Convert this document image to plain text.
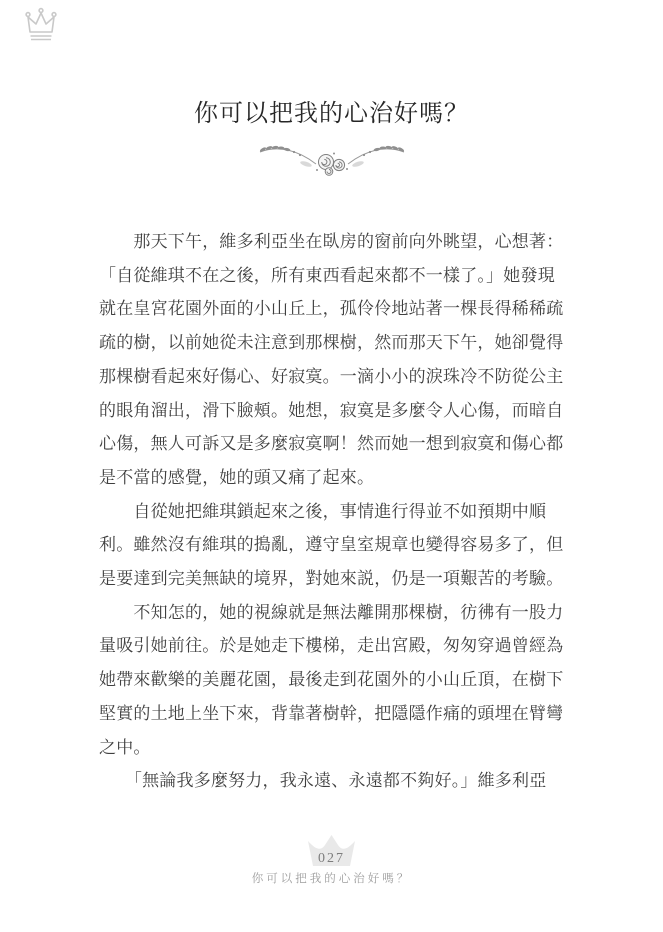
你可以把我的心治好嗎？
　　那天下午，維多利亞坐在臥房的窗前向外眺望，心想著：
「自從維琪不在之後，所有東西看起來都不一樣了。」她發現
就在皇宮花園外面的小山丘上，孤伶伶地站著一棵長得稀稀疏
疏的樹，以前她從未注意到那棵樹，然而那天下午，她卻覺得
那棵樹看起來好傷心、好寂寞。一滴小小的淚珠冷不防從公主
的眼角溜出，滑下臉頰。她想，寂寞是多麼令人心傷，而暗自
心傷，無人可訴又是多麼寂寞啊！然而她一想到寂寞和傷心都
是不當的感覺，她的頭又痛了起來。
　　自從她把維琪鎖起來之後，事情進行得並不如預期中順
利。雖然沒有維琪的搗亂，遵守皇室規章也變得容易多了，但
是要達到完美無缺的境界，對她來説，仍是一項艱苦的考驗。
　　不知怎的，她的視線就是無法離開那棵樹，彷彿有一股力
量吸引她前往。於是她走下樓梯，走出宮殿，匆匆穿過曾經為
她帶來歡樂的美麗花園，最後走到花園外的小山丘頂，在樹下
堅實的土地上坐下來，背靠著樹幹，把隱隱作痛的頭埋在臂彎
之中。
　　「無論我多麼努力，我永遠、永遠都不夠好。」維多利亞
027
你可以把我的心治好嗎？
